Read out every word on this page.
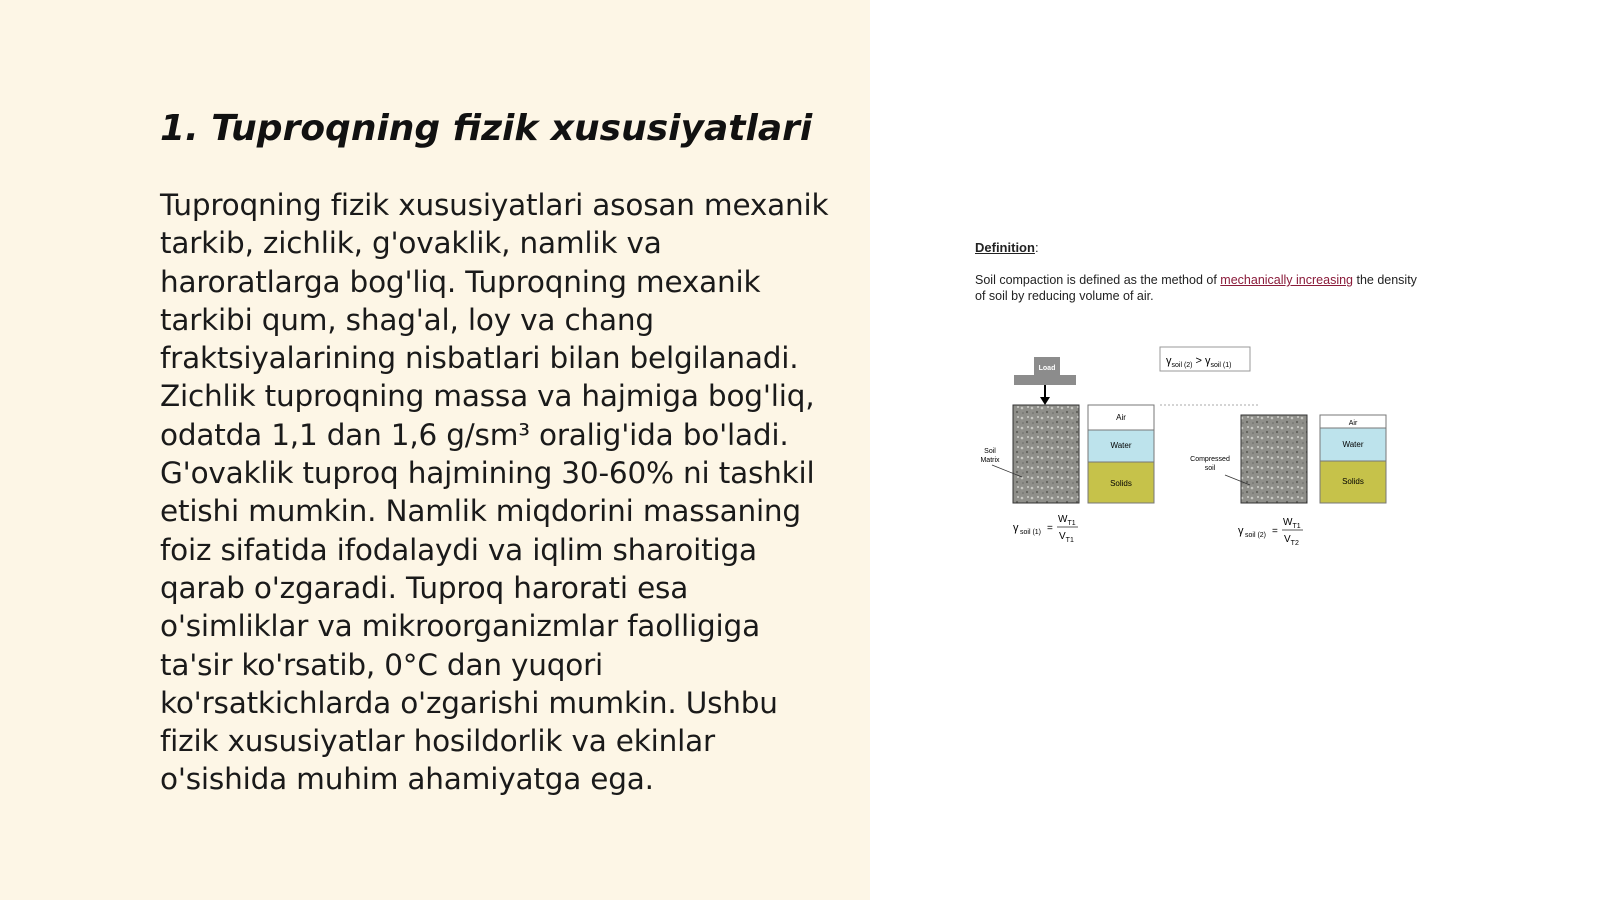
1. Tuproqning fizik xususiyatlari

Tuproqning fizik xususiyatlari asosan mexanik tarkib, zichlik, g'ovaklik, namlik va haroratlarga bog'liq. Tuproqning mexanik tarkibi qum, shag'al, loy va chang fraktsiyalarining nisbatlari bilan belgilanadi. Zichlik tuproqning massa va hajmiga bog'liq, odatda 1,1 dan 1,6 g/sm³ oralig'ida bo'ladi. G'ovaklik tuproq hajmining 30-60% ni tashkil etishi mumkin. Namlik miqdorini massaning foiz sifatida ifodalaydi va iqlim sharoitiga qarab o'zgaradi. Tuproq harorati esa o'simliklar va mikroorganizmlar faolligiga ta'sir ko'rsatib, 0°C dan yuqori ko'rsatkichlarda o'zgarishi mumkin. Ushbu fizik xususiyatlar hosildorlik va ekinlar o'sishida muhim ahamiyatga ega.

Definition:
Soil compaction is defined as the method of mechanically increasing the density of soil by reducing volume of air.
$\gamma_{soil (2)} > \gamma_{soil (1)}$
Load
Soil
Matrix
Air
Water
Solids
Compressed
soil
Air
Water
Solids
γ soil (1) =
$W_{T1}$
$V_{T1}$
γ soil (2) =
$W_{T1}$
$V_{T2}$
